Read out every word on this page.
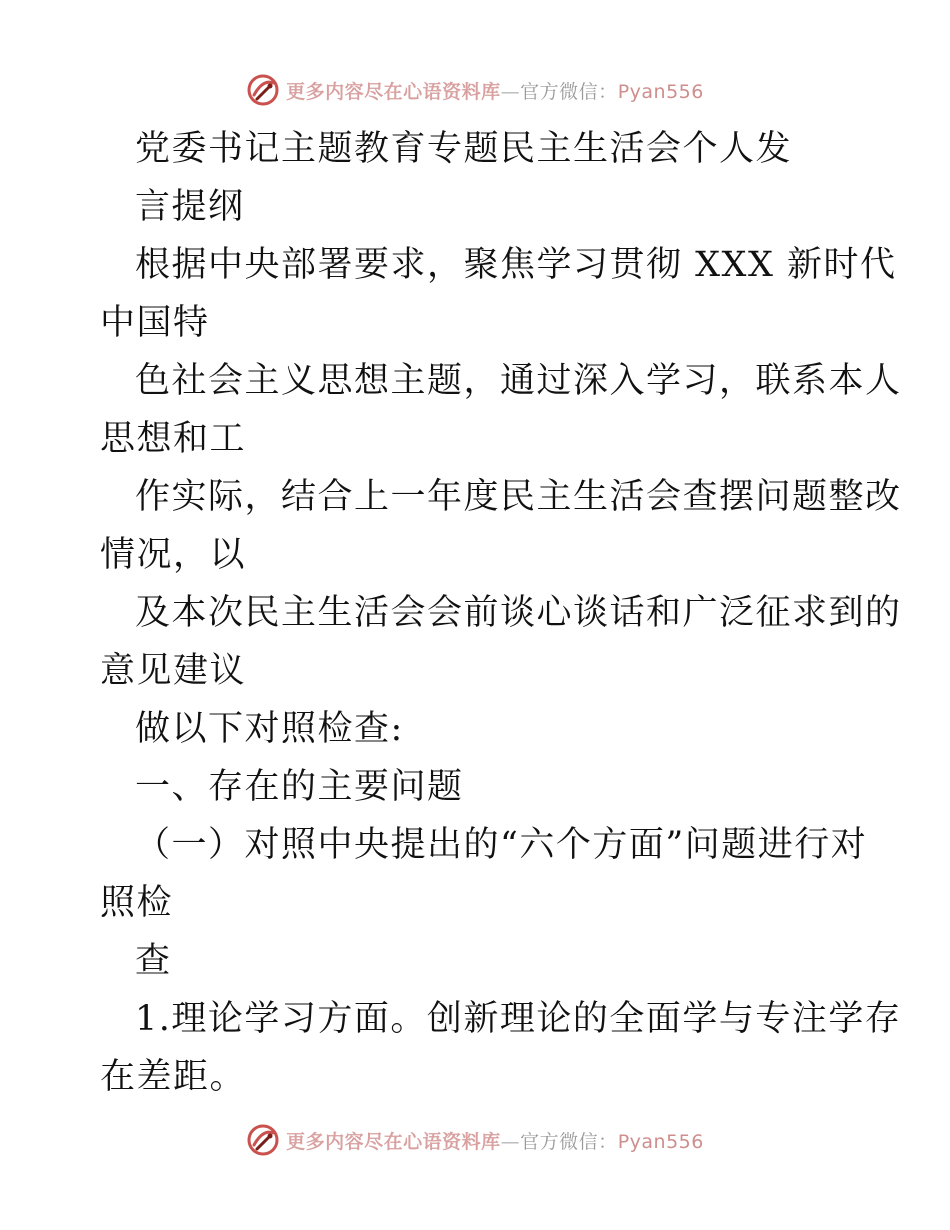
更多内容尽在心语资料库—官方微信：Pyan556
党委书记主题教育专题民主生活会个人发
言提纲
根据中央部署要求，聚焦学习贯彻 XXX 新时代
中国特
色社会主义思想主题，通过深入学习，联系本人
思想和工
作实际，结合上一年度民主生活会查摆问题整改
情况，以
及本次民主生活会会前谈心谈话和广泛征求到的
意见建议
做以下对照检查:
一、存在的主要问题
（一）对照中央提出的“六个方面”问题进行对
照检
查
1.理论学习方面。创新理论的全面学与专注学存
在差距。
更多内容尽在心语资料库—官方微信：Pyan556
